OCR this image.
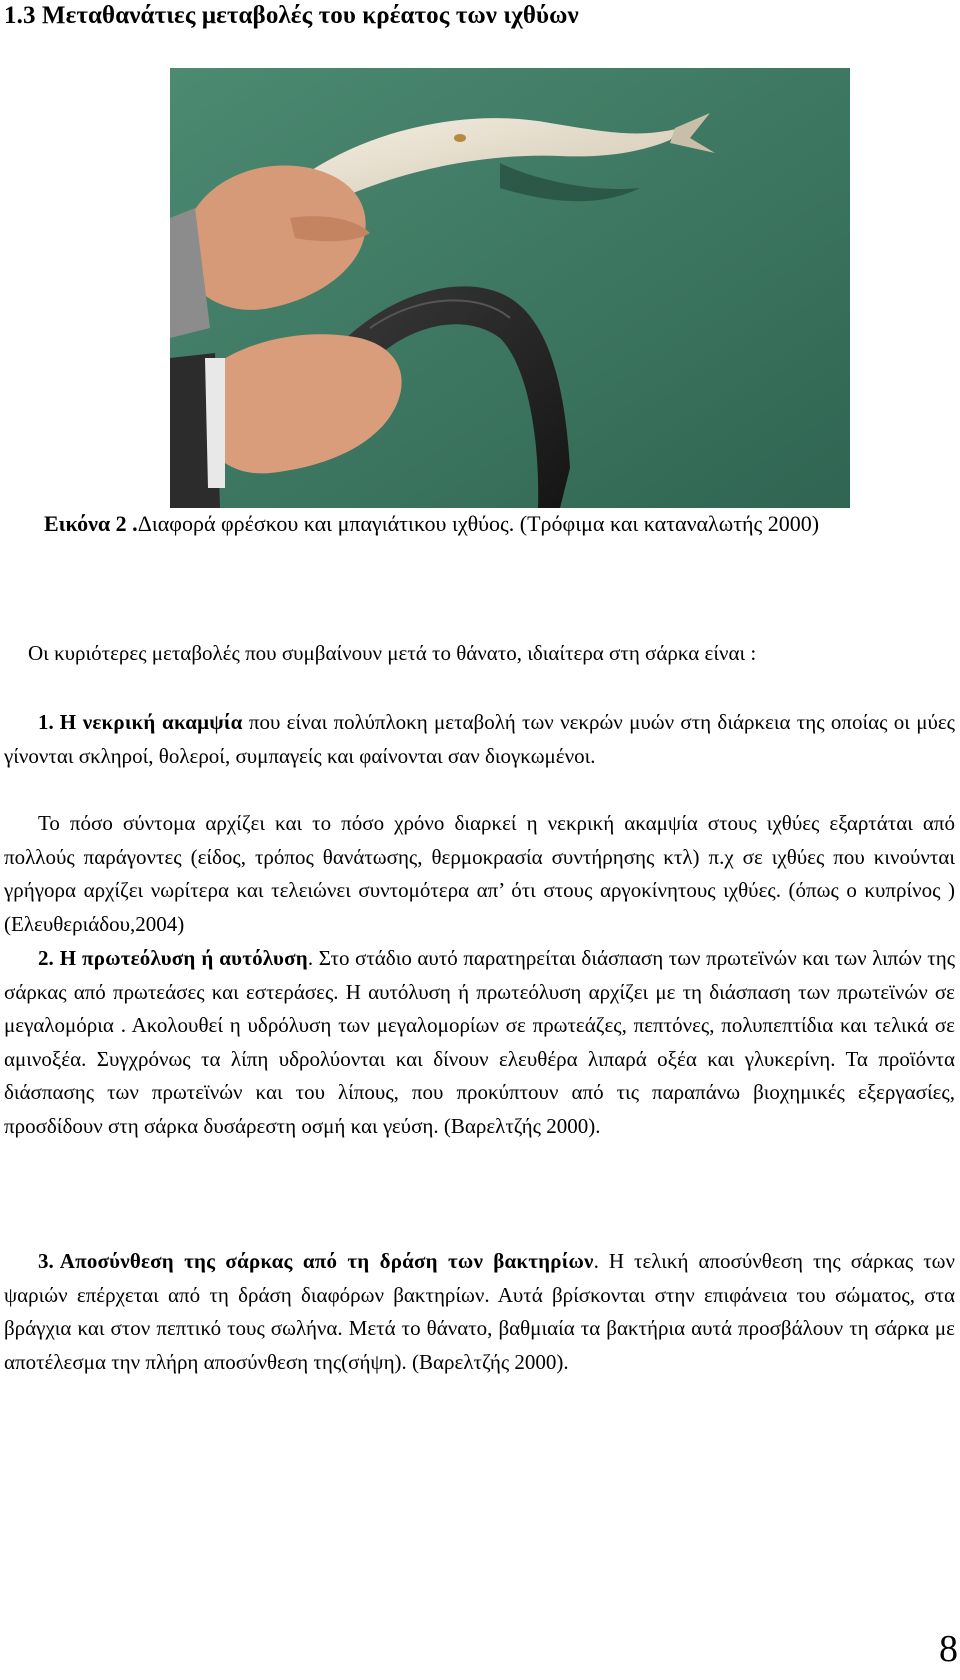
1.3 Μεταθανάτιες μεταβολές του κρέατος των ιχθύων

Εικόνα 2 .Διαφορά φρέσκου και μπαγιάτικου ιχθύος. (Τρόφιμα και καταναλωτής 2000)

Οι κυριότερες μεταβολές που συμβαίνουν μετά το θάνατο, ιδιαίτερα στη σάρκα είναι :

1. Η νεκρική ακαμψία που είναι πολύπλοκη μεταβολή των νεκρών μυών στη διάρκεια της οποίας οι μύες γίνονται σκληροί, θολεροί, συμπαγείς και φαίνονται σαν διογκωμένοι.

Το πόσο σύντομα αρχίζει και το πόσο χρόνο διαρκεί η νεκρική ακαμψία στους ιχθύες εξαρτάται από πολλούς παράγοντες (είδος, τρόπος θανάτωσης, θερμοκρασία συντήρησης κτλ) π.χ σε ιχθύες που κινούνται γρήγορα αρχίζει νωρίτερα και τελειώνει συντομότερα απ’ ότι στους αργοκίνητους ιχθύες. (όπως ο κυπρίνος ) (Ελευθεριάδου,2004)

2. Η πρωτεόλυση ή αυτόλυση. Στο στάδιο αυτό παρατηρείται διάσπαση των πρωτεϊνών και των λιπών της σάρκας από πρωτεάσες και εστεράσες. Η αυτόλυση ή πρωτεόλυση αρχίζει με τη διάσπαση των πρωτεϊνών σε μεγαλομόρια . Ακολουθεί η υδρόλυση των μεγαλομορίων σε πρωτεάζες, πεπτόνες, πολυπεπτίδια και τελικά σε αμινοξέα. Συγχρόνως τα λίπη υδρολύονται και δίνουν ελευθέρα λιπαρά οξέα και γλυκερίνη. Τα προϊόντα διάσπασης των πρωτεϊνών και του λίπους, που προκύπτουν από τις παραπάνω βιοχημικές εξεργασίες, προσδίδουν στη σάρκα δυσάρεστη οσμή και γεύση. (Βαρελτζής 2000).

3. Αποσύνθεση της σάρκας από τη δράση των βακτηρίων. Η τελική αποσύνθεση της σάρκας των ψαριών επέρχεται από τη δράση διαφόρων βακτηρίων. Αυτά βρίσκονται στην επιφάνεια του σώματος, στα βράγχια και στον πεπτικό τους σωλήνα. Μετά το θάνατο, βαθμιαία τα βακτήρια αυτά προσβάλουν τη σάρκα με αποτέλεσμα την πλήρη αποσύνθεση της(σήψη). (Βαρελτζής 2000).

8
